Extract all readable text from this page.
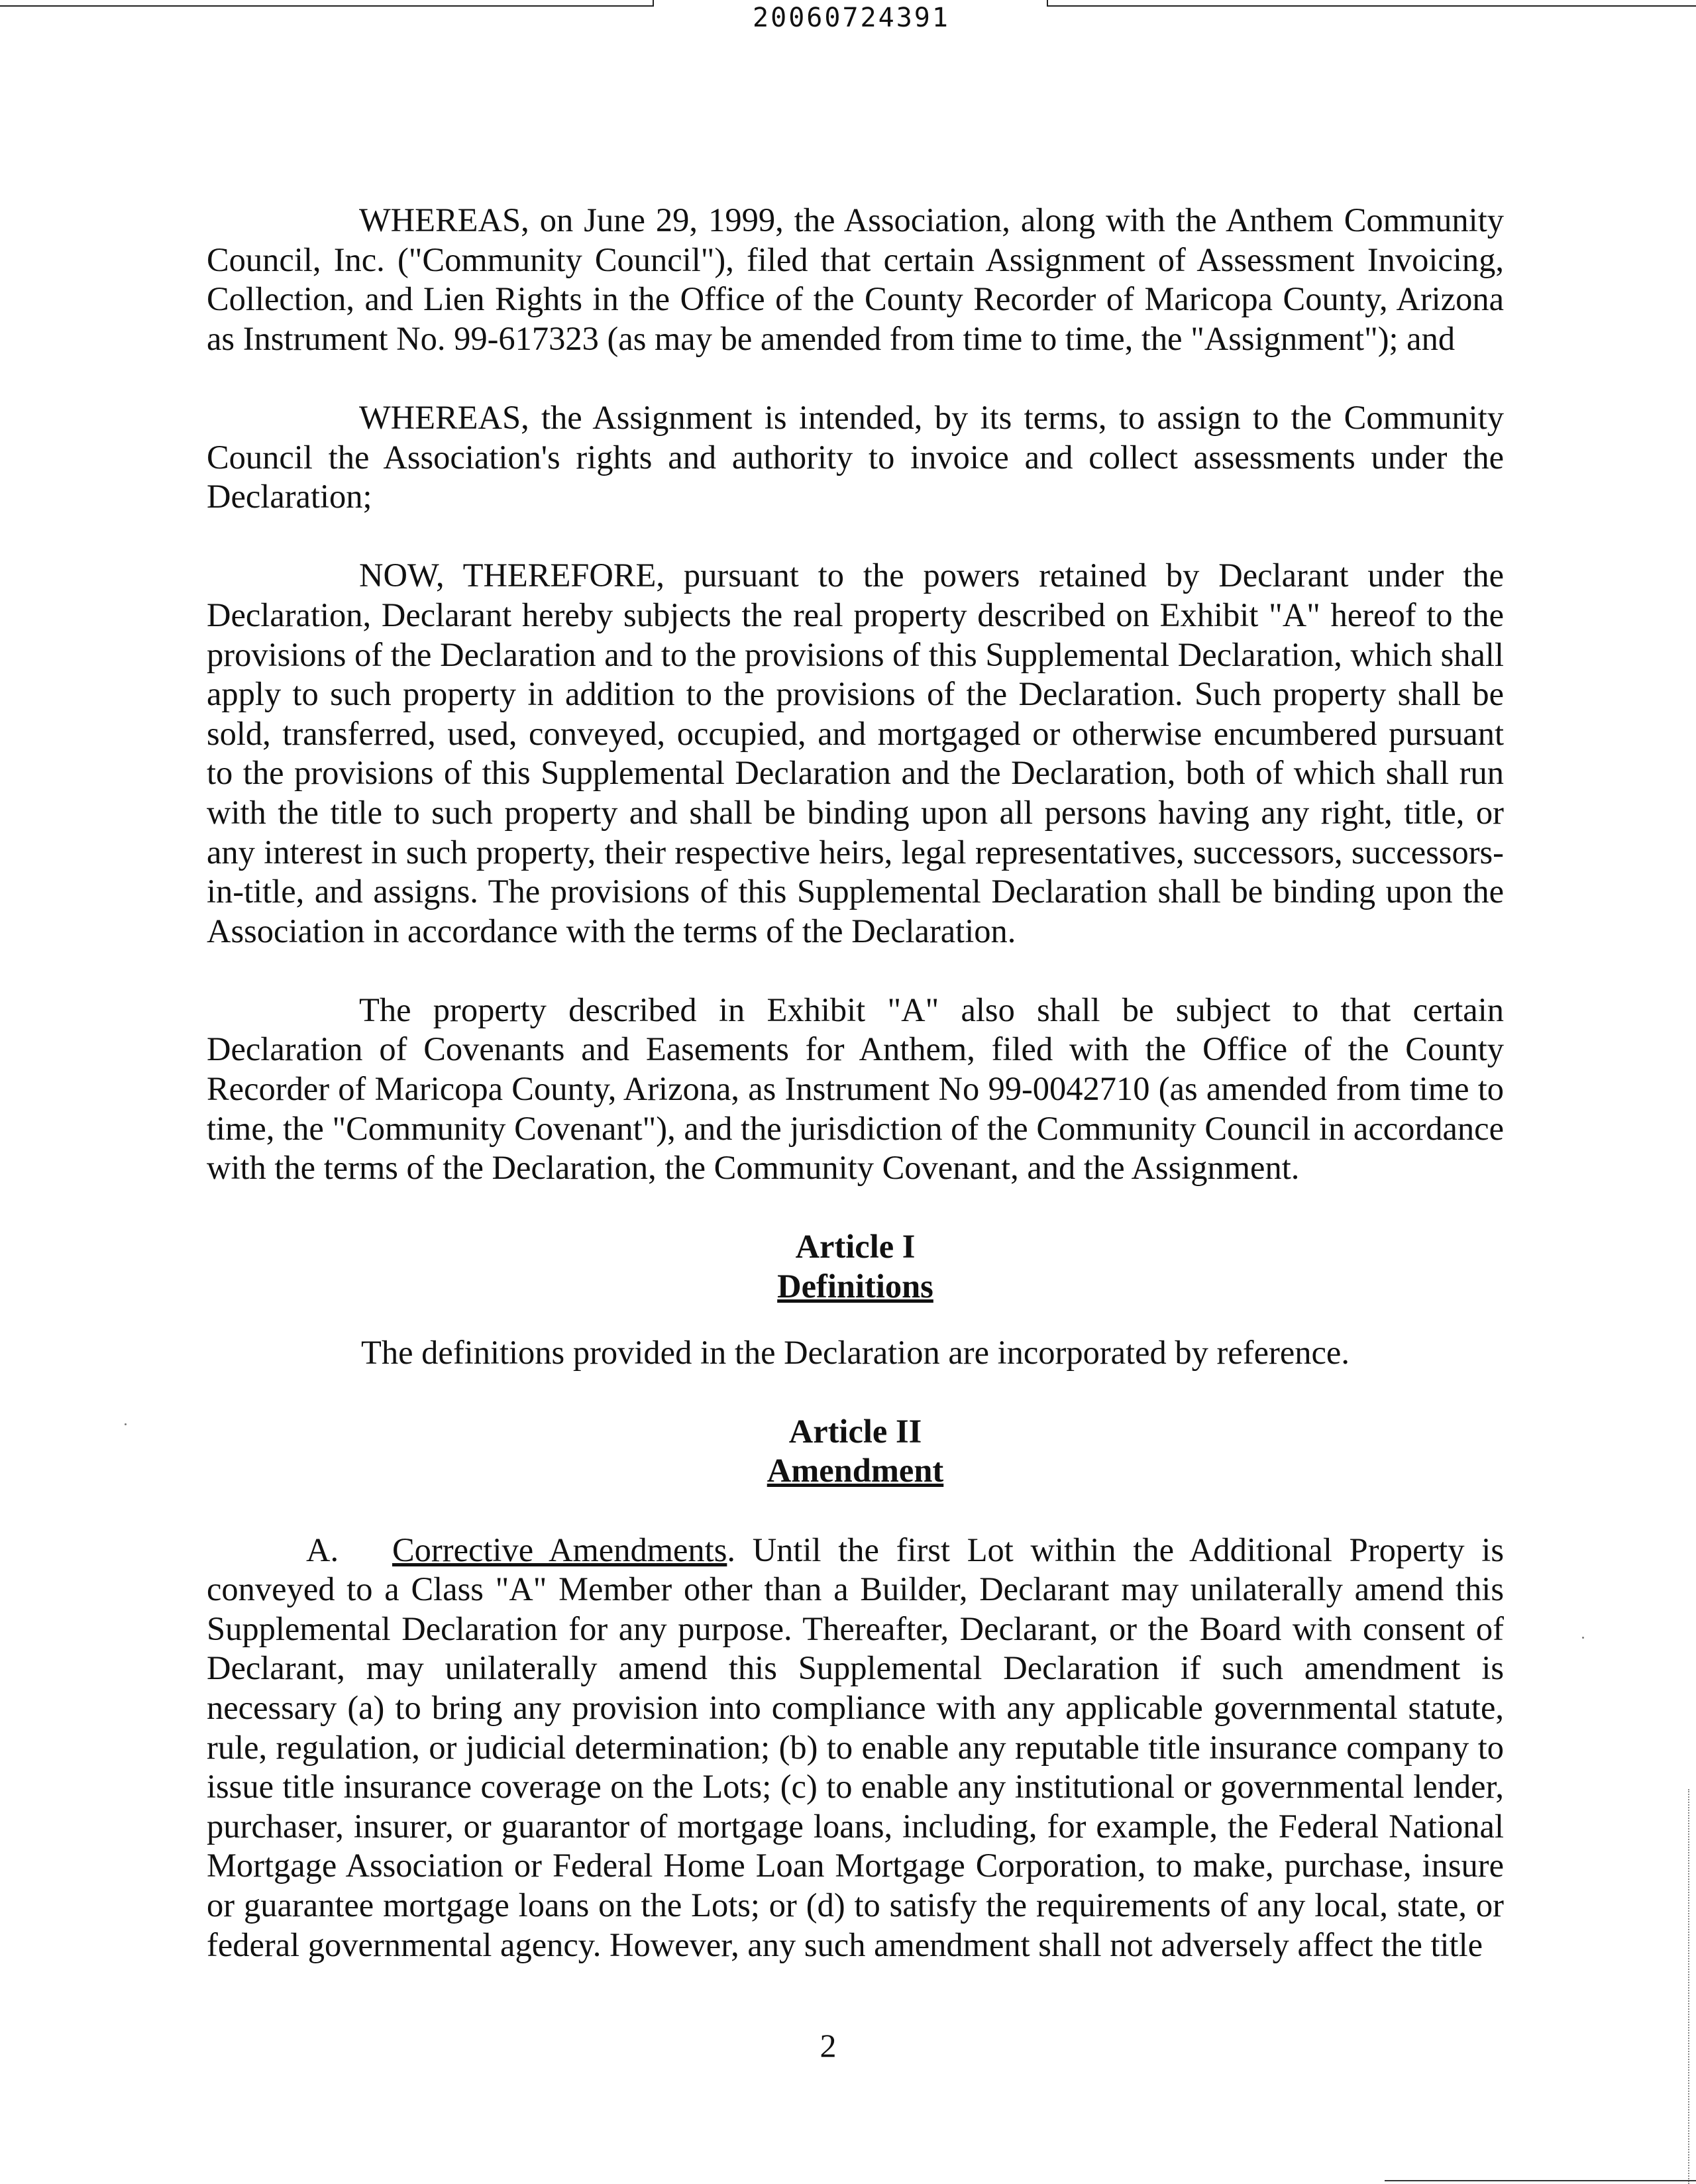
20060724391

WHEREAS, on June 29, 1999, the Association, along with the Anthem Community Council, Inc. ("Community Council"), filed that certain Assignment of Assessment Invoicing, Collection, and Lien Rights in the Office of the County Recorder of Maricopa County, Arizona as Instrument No. 99-617323 (as may be amended from time to time, the "Assignment"); and

WHEREAS, the Assignment is intended, by its terms, to assign to the Community Council the Association's rights and authority to invoice and collect assessments under the Declaration;

NOW, THEREFORE, pursuant to the powers retained by Declarant under the Declaration, Declarant hereby subjects the real property described on Exhibit "A" hereof to the provisions of the Declaration and to the provisions of this Supplemental Declaration, which shall apply to such property in addition to the provisions of the Declaration. Such property shall be sold, transferred, used, conveyed, occupied, and mortgaged or otherwise encumbered pursuant to the provisions of this Supplemental Declaration and the Declaration, both of which shall run with the title to such property and shall be binding upon all persons having any right, title, or any interest in such property, their respective heirs, legal representatives, successors, successors-in-title, and assigns. The provisions of this Supplemental Declaration shall be binding upon the Association in accordance with the terms of the Declaration.

The property described in Exhibit "A" also shall be subject to that certain Declaration of Covenants and Easements for Anthem, filed with the Office of the County Recorder of Maricopa County, Arizona, as Instrument No 99-0042710 (as amended from time to time, the "Community Covenant"), and the jurisdiction of the Community Council in accordance with the terms of the Declaration, the Community Covenant, and the Assignment.

Article I

Definitions

The definitions provided in the Declaration are incorporated by reference.

Article II

Amendment

A. Corrective Amendments. Until the first Lot within the Additional Property is conveyed to a Class "A" Member other than a Builder, Declarant may unilaterally amend this Supplemental Declaration for any purpose. Thereafter, Declarant, or the Board with consent of Declarant, may unilaterally amend this Supplemental Declaration if such amendment is necessary (a) to bring any provision into compliance with any applicable governmental statute, rule, regulation, or judicial determination; (b) to enable any reputable title insurance company to issue title insurance coverage on the Lots; (c) to enable any institutional or governmental lender, purchaser, insurer, or guarantor of mortgage loans, including, for example, the Federal National Mortgage Association or Federal Home Loan Mortgage Corporation, to make, purchase, insure or guarantee mortgage loans on the Lots; or (d) to satisfy the requirements of any local, state, or federal governmental agency. However, any such amendment shall not adversely affect the title

2
